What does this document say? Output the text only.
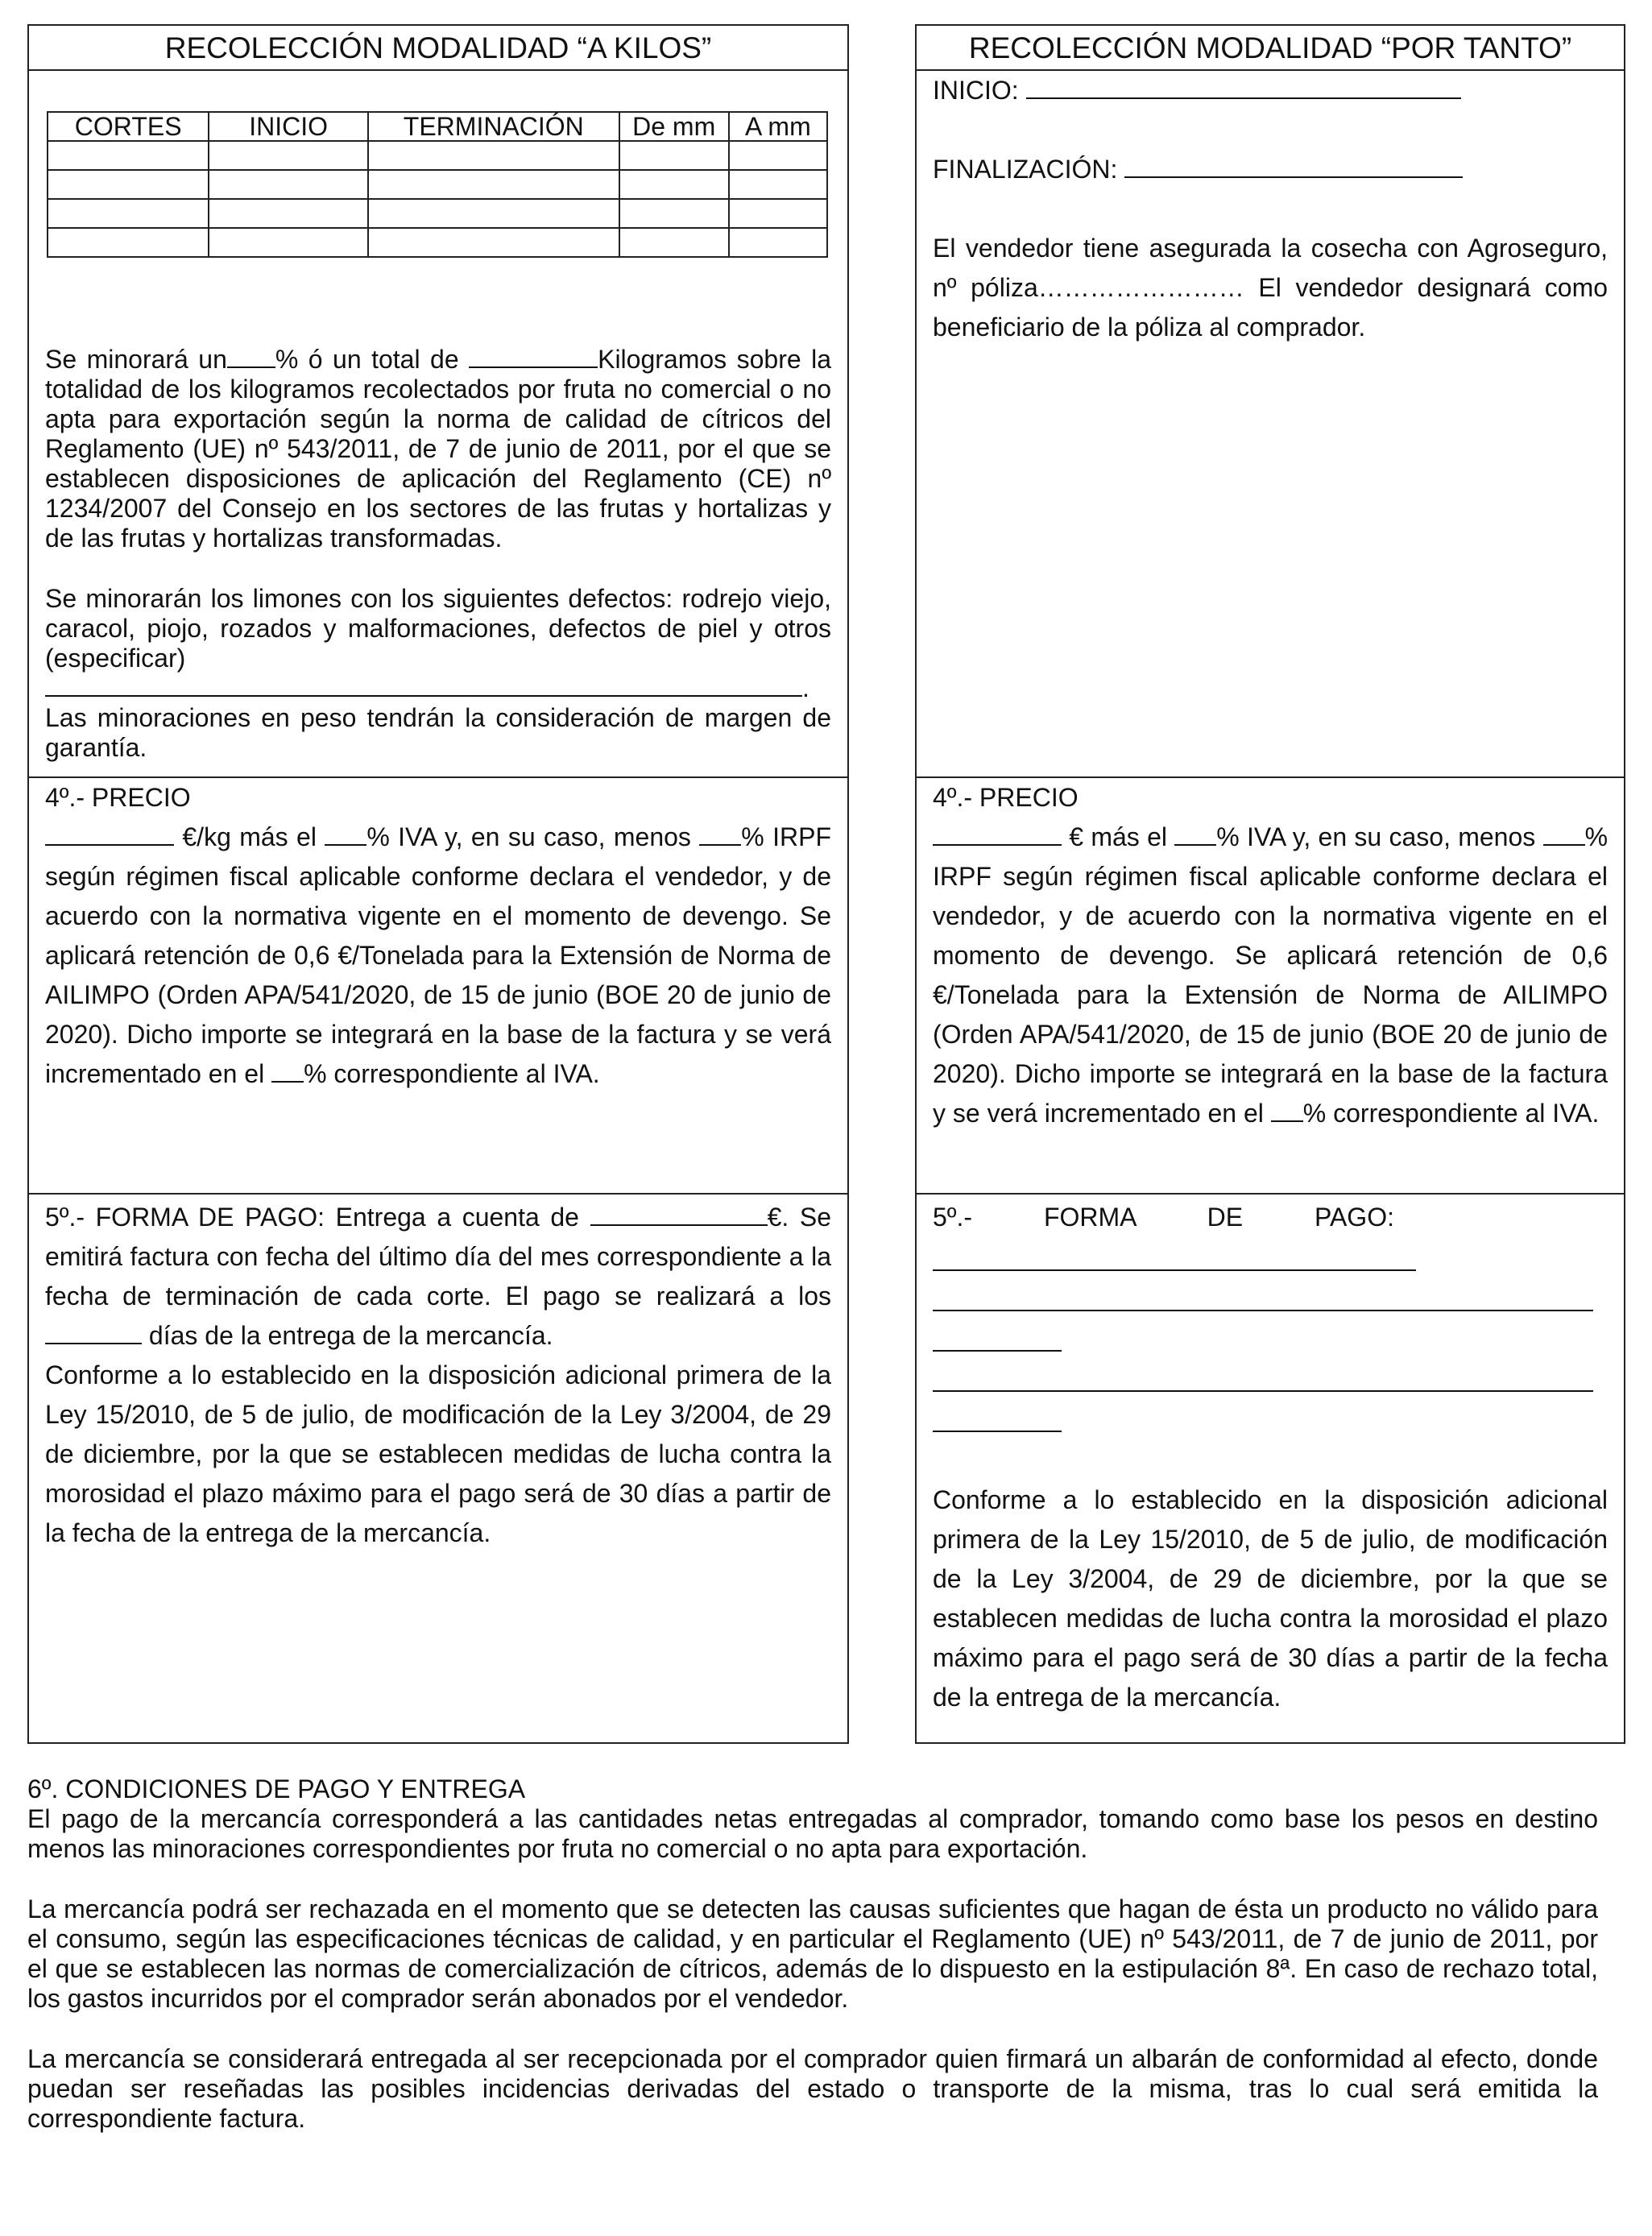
RECOLECCIÓN MODALIDAD “A KILOS”
CORTES	INICIO	TERMINACIÓN	De mm	A mm

Se minorará un % ó un total de	Kilogramos sobre la totalidad de los kilogramos recolectados por fruta no comercial o no apta para exportación según la norma de calidad de cítricos del Reglamento (UE) nº 543/2011, de 7 de junio de 2011, por el que se establecen disposiciones de aplicación del Reglamento (CE) nº 1234/2007 del Consejo en los sectores de las frutas y hortalizas y de las frutas y hortalizas transformadas.

Se minorarán los limones con los siguientes defectos: rodrejo viejo, caracol, piojo, rozados y malformaciones, defectos de piel y otros (especificar)
.

Las minoraciones en peso tendrán la consideración de margen de garantía.

4º.- PRECIO

€/kg más el % IVA y, en su caso, menos % IRPF según régimen fiscal aplicable conforme declara el vendedor, y de acuerdo con la normativa vigente en el momento de devengo. Se aplicará retención de 0,6 €/Tonelada para la Extensión de Norma de AILIMPO (Orden APA/541/2020, de 15 de junio (BOE 20 de junio de 2020). Dicho importe se integrará en la base de la factura y se verá incrementado en el % correspondiente al IVA.

5º.- FORMA DE PAGO: Entrega a cuenta de	€. Se emitirá factura con fecha del último día del mes correspondiente a la fecha de terminación de cada corte. El pago se realizará a los  días de la entrega de la mercancía.

Conforme a lo establecido en la disposición adicional primera de la Ley 15/2010, de 5 de julio, de modificación de la Ley 3/2004, de 29 de diciembre, por la que se establecen medidas de lucha contra la morosidad el plazo máximo para el pago será de 30 días a partir de la fecha de la entrega de la mercancía.

RECOLECCIÓN MODALIDAD “POR TANTO”

INICIO:

FINALIZACIÓN:

El vendedor tiene asegurada la cosecha con Agroseguro, nº póliza…………………… El vendedor designará como beneficiario de la póliza al comprador.

4º.- PRECIO

€ más el % IVA y, en su caso, menos % IRPF según régimen fiscal aplicable conforme declara el vendedor, y de acuerdo con la normativa vigente en el momento de devengo. Se aplicará retención de 0,6 €/Tonelada para la Extensión de Norma de AILIMPO (Orden APA/541/2020, de 15 de junio (BOE 20 de junio de 2020). Dicho importe se integrará en la base de la factura y se verá incrementado en el % correspondiente al IVA.

5º.-          FORMA          DE          PAGO:

Conforme a lo establecido en la disposición adicional primera de la Ley 15/2010, de 5 de julio, de modificación de la Ley 3/2004, de 29 de diciembre, por la que se establecen medidas de lucha contra la morosidad el plazo máximo para el pago será de 30 días a partir de la fecha de la entrega de la mercancía.

6º. CONDICIONES DE PAGO Y ENTREGA

El pago de la mercancía corresponderá a las cantidades netas entregadas al comprador, tomando como base los pesos en destino menos las minoraciones correspondientes por fruta no comercial o no apta para exportación.

La mercancía podrá ser rechazada en el momento que se detecten las causas suficientes que hagan de ésta un producto no válido para el consumo, según las especificaciones técnicas de calidad, y en particular el Reglamento (UE) nº 543/2011, de 7 de junio de 2011, por el que se establecen las normas de comercialización de cítricos, además de lo dispuesto en la estipulación 8ª. En caso de rechazo total, los gastos incurridos por el comprador serán abonados por el vendedor.

La mercancía se considerará entregada al ser recepcionada por el comprador quien firmará un albarán de conformidad al efecto, donde puedan ser reseñadas las posibles incidencias derivadas del estado o transporte de la misma, tras lo cual será emitida la correspondiente factura.
